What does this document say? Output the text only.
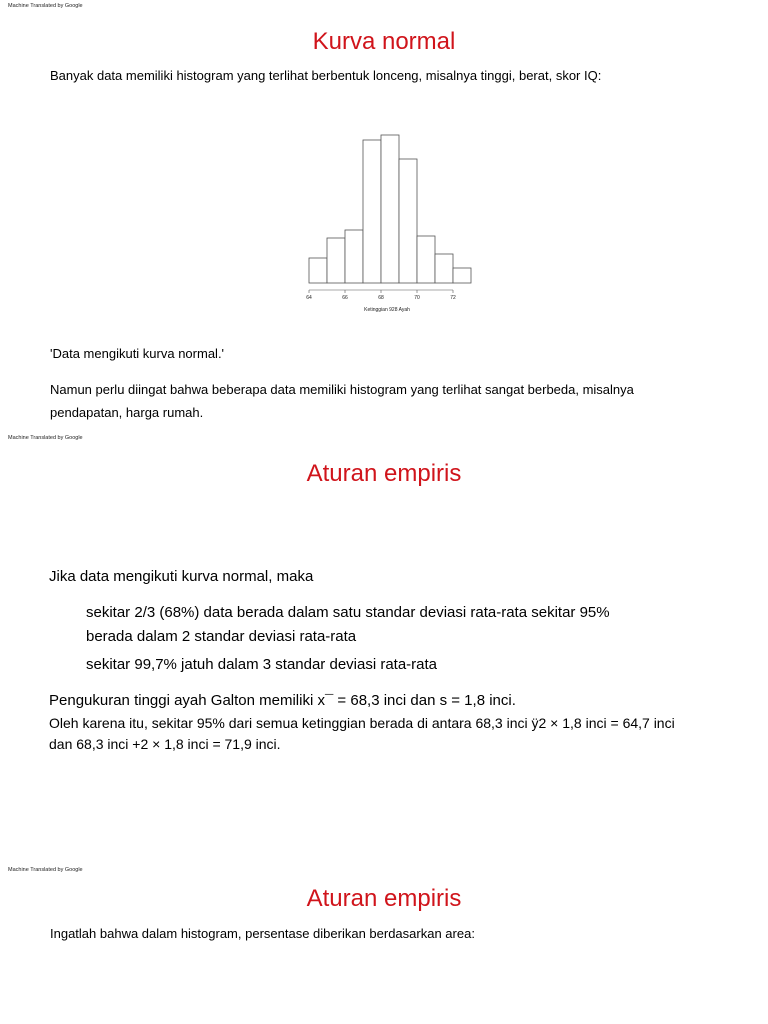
Machine Translated by Google
Kurva normal
Banyak data memiliki histogram yang terlihat berbentuk lonceng, misalnya tinggi, berat, skor IQ:
64	66	68	70	72
Ketinggian 928 Ayah
'Data mengikuti kurva normal.'
Namun perlu diingat bahwa beberapa data memiliki histogram yang terlihat sangat berbeda, misalnya
pendapatan, harga rumah.
Machine Translated by Google
Aturan empiris
Jika data mengikuti kurva normal, maka
sekitar 2/3 (68%) data berada dalam satu standar deviasi rata-rata sekitar 95%
berada dalam 2 standar deviasi rata-rata
sekitar 99,7% jatuh dalam 3 standar deviasi rata-rata
Pengukuran tinggi ayah Galton memiliki x¯ = 68,3 inci dan s = 1,8 inci.
Oleh karena itu, sekitar 95% dari semua ketinggian berada di antara 68,3 inci ÿ2 × 1,8 inci = 64,7 inci
dan 68,3 inci +2 × 1,8 inci = 71,9 inci.
Machine Translated by Google
Aturan empiris
Ingatlah bahwa dalam histogram, persentase diberikan berdasarkan area:
